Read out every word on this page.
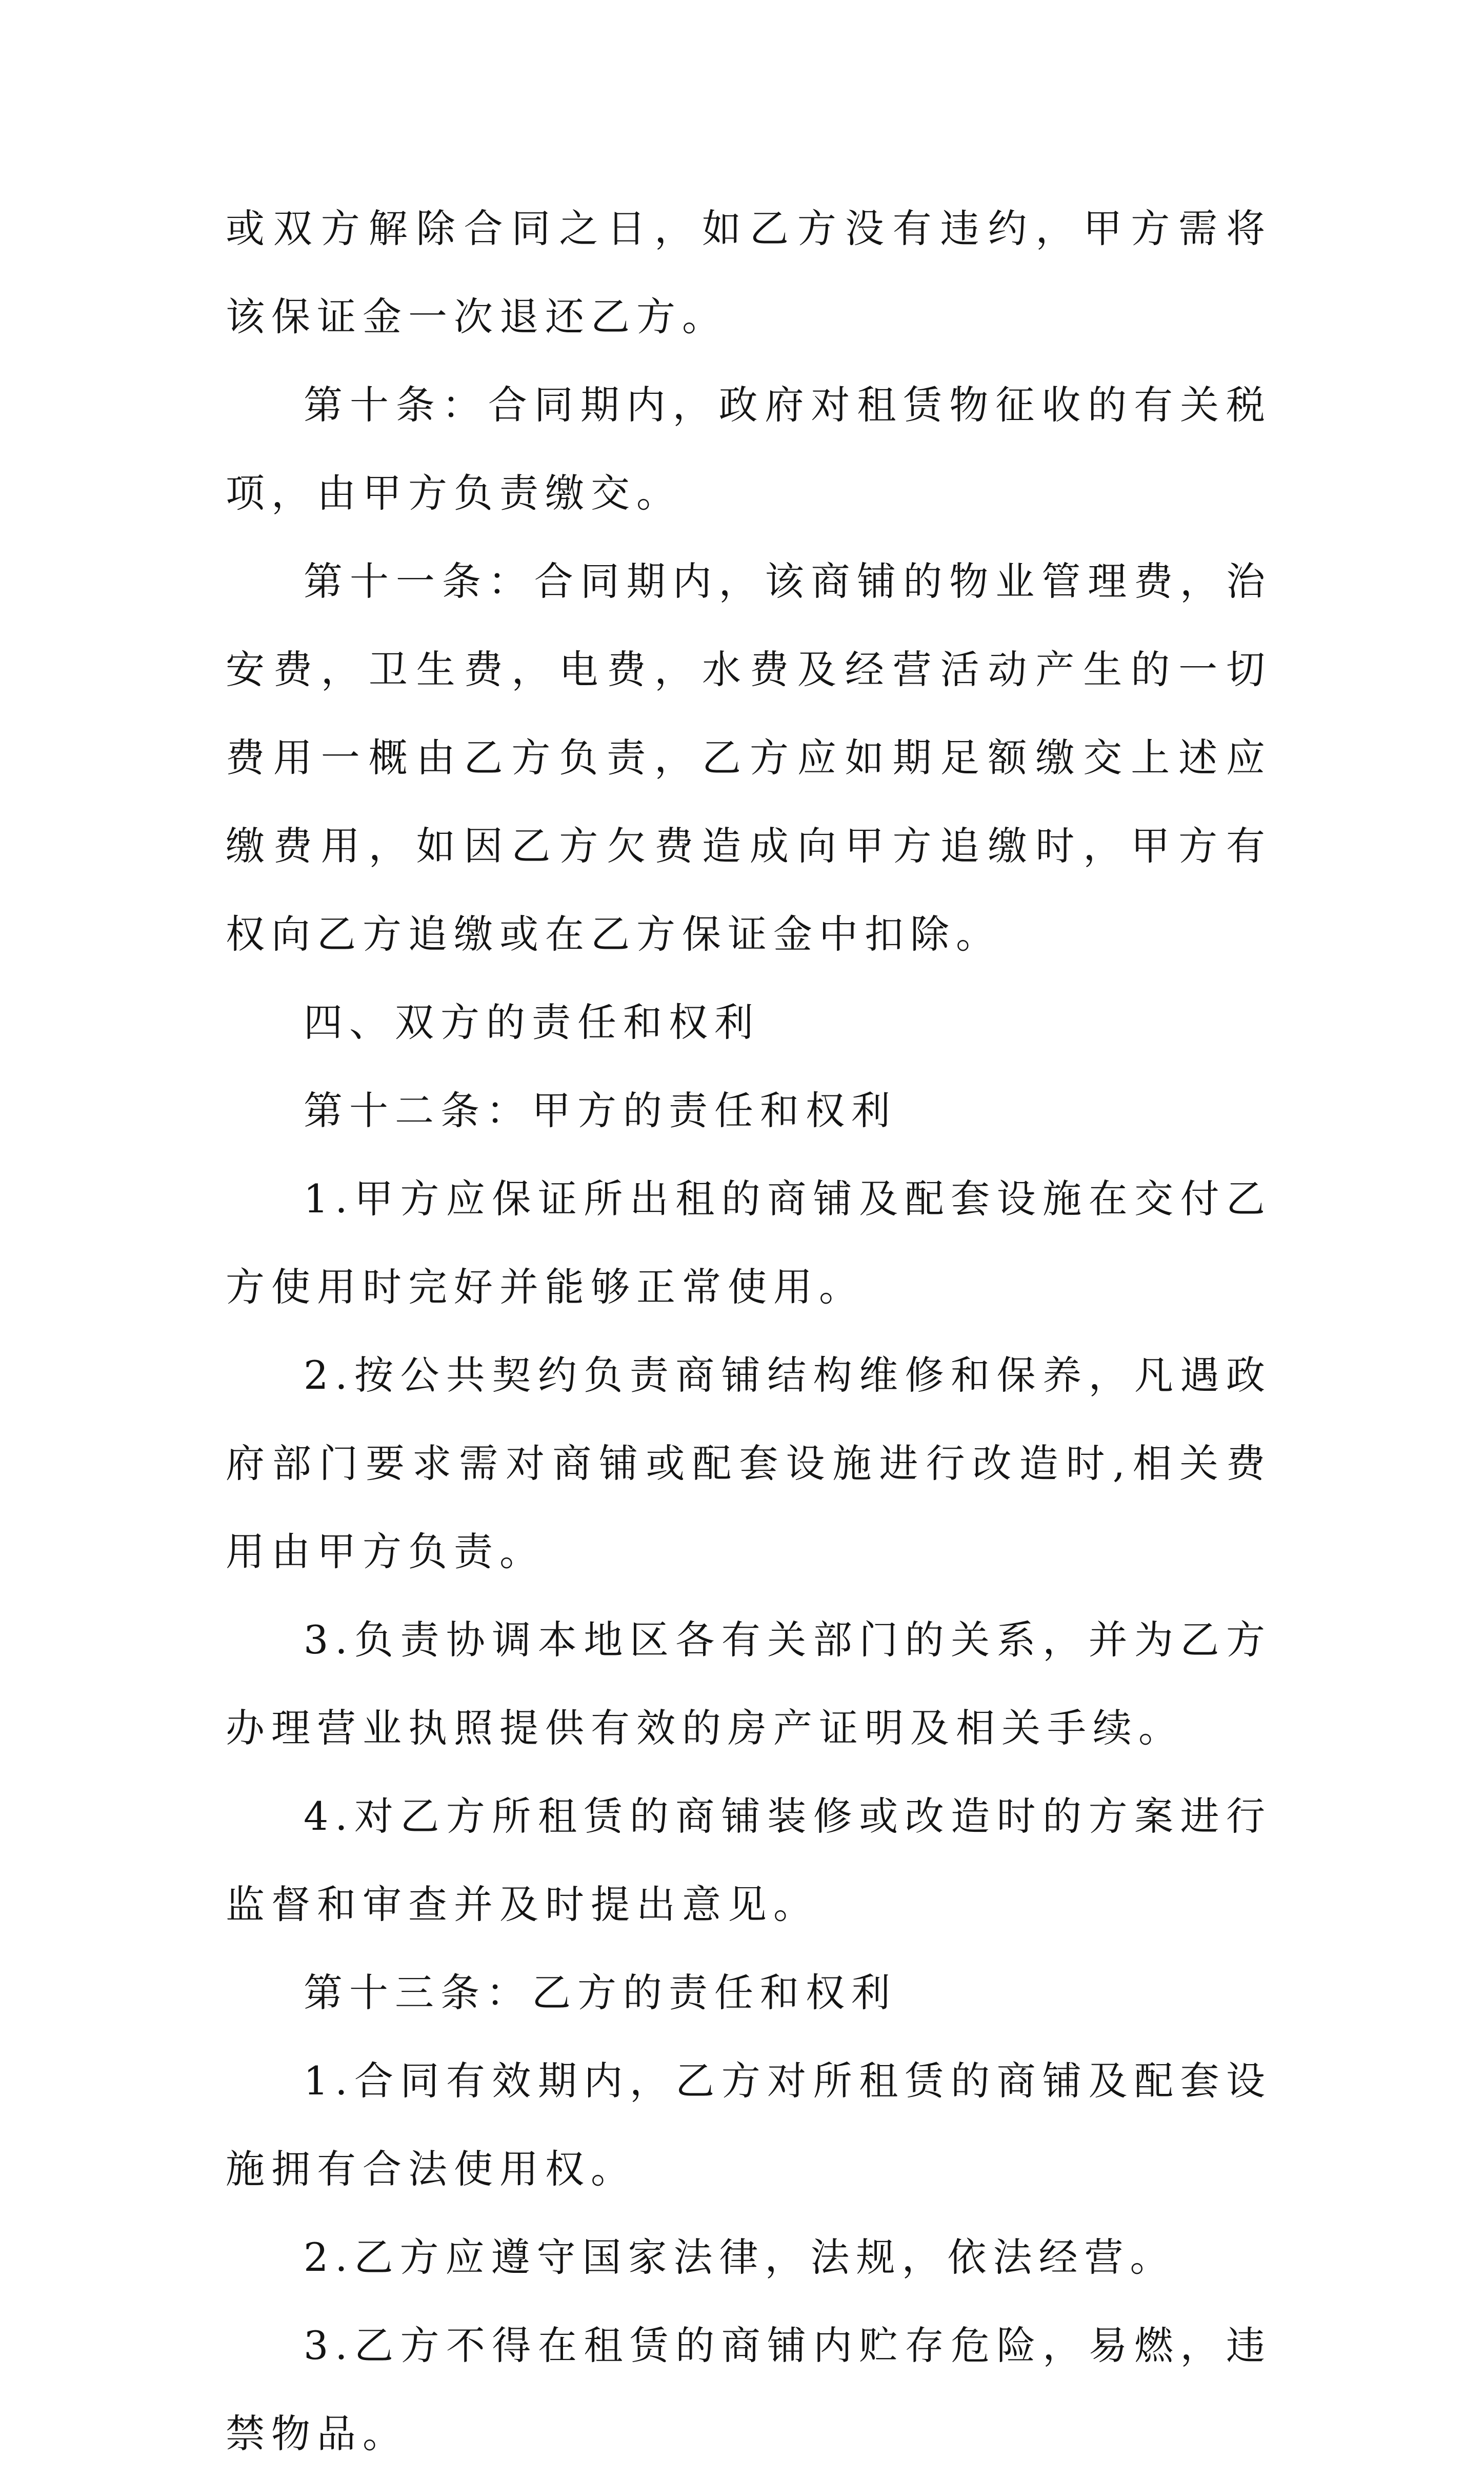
或双方解除合同之日，如乙方没有违约，甲方需将该保证金一次退还乙方。

第十条：合同期内，政府对租赁物征收的有关税项，由甲方负责缴交。

第十一条：合同期内，该商铺的物业管理费，治安费，卫生费，电费，水费及经营活动产生的一切费用一概由乙方负责，乙方应如期足额缴交上述应缴费用，如因乙方欠费造成向甲方追缴时，甲方有权向乙方追缴或在乙方保证金中扣除。

四、双方的责任和权利

第十二条：甲方的责任和权利

1.甲方应保证所出租的商铺及配套设施在交付乙方使用时完好并能够正常使用。

2.按公共契约负责商铺结构维修和保养，凡遇政府部门要求需对商铺或配套设施进行改造时,相关费用由甲方负责。

3.负责协调本地区各有关部门的关系，并为乙方办理营业执照提供有效的房产证明及相关手续。

4.对乙方所租赁的商铺装修或改造时的方案进行监督和审查并及时提出意见。

第十三条：乙方的责任和权利

1.合同有效期内，乙方对所租赁的商铺及配套设施拥有合法使用权。

2.乙方应遵守国家法律，法规，依法经营。

3.乙方不得在租赁的商铺内贮存危险，易燃，违禁物品。
